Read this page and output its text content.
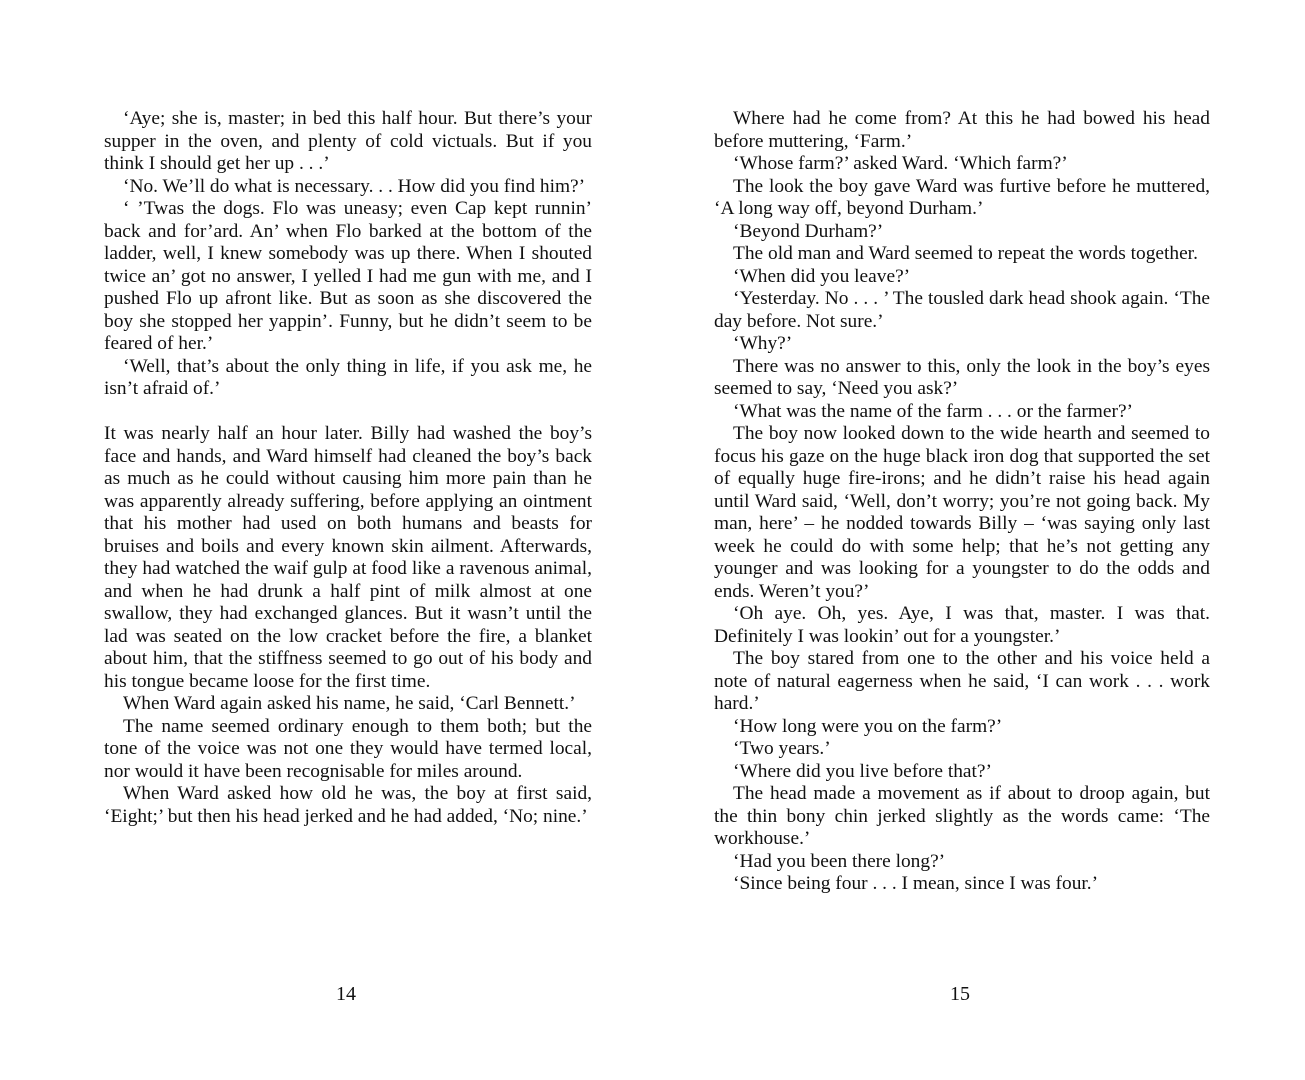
‘Aye; she is, master; in bed this half hour. But there’s your supper in the oven, and plenty of cold victuals. But if you think I should get her up . . .’

‘No. We’ll do what is necessary. . . How did you find him?’

‘ ’Twas the dogs. Flo was uneasy; even Cap kept runnin’ back and for’ard. An’ when Flo barked at the bottom of the ladder, well, I knew somebody was up there. When I shouted twice an’ got no answer, I yelled I had me gun with me, and I pushed Flo up afront like. But as soon as she discovered the boy she stopped her yappin’. Funny, but he didn’t seem to be feared of her.’

‘Well, that’s about the only thing in life, if you ask me, he isn’t afraid of.’

It was nearly half an hour later. Billy had washed the boy’s face and hands, and Ward himself had cleaned the boy’s back as much as he could without causing him more pain than he was apparently already suffering, before applying an ointment that his mother had used on both humans and beasts for bruises and boils and every known skin ailment. Afterwards, they had watched the waif gulp at food like a ravenous animal, and when he had drunk a half pint of milk almost at one swallow, they had exchanged glances. But it wasn’t until the lad was seated on the low cracket before the fire, a blanket about him, that the stiffness seemed to go out of his body and his tongue became loose for the first time.

When Ward again asked his name, he said, ‘Carl Bennett.’

The name seemed ordinary enough to them both; but the tone of the voice was not one they would have termed local, nor would it have been recognisable for miles around.

When Ward asked how old he was, the boy at first said, ‘Eight;’ but then his head jerked and he had added, ‘No; nine.’

Where had he come from? At this he had bowed his head before muttering, ‘Farm.’

‘Whose farm?’ asked Ward. ‘Which farm?’

The look the boy gave Ward was furtive before he muttered, ‘A long way off, beyond Durham.’

‘Beyond Durham?’

The old man and Ward seemed to repeat the words together.

‘When did you leave?’

‘Yesterday. No . . . ’ The tousled dark head shook again. ‘The day before. Not sure.’

‘Why?’

There was no answer to this, only the look in the boy’s eyes seemed to say, ‘Need you ask?’

‘What was the name of the farm . . . or the farmer?’

The boy now looked down to the wide hearth and seemed to focus his gaze on the huge black iron dog that supported the set of equally huge fire-irons; and he didn’t raise his head again until Ward said, ‘Well, don’t worry; you’re not going back. My man, here’ – he nodded towards Billy – ‘was saying only last week he could do with some help; that he’s not getting any younger and was looking for a youngster to do the odds and ends. Weren’t you?’

‘Oh aye. Oh, yes. Aye, I was that, master. I was that. Definitely I was lookin’ out for a youngster.’

The boy stared from one to the other and his voice held a note of natural eagerness when he said, ‘I can work . . . work hard.’

‘How long were you on the farm?’

‘Two years.’

‘Where did you live before that?’

The head made a movement as if about to droop again, but the thin bony chin jerked slightly as the words came: ‘The workhouse.’

‘Had you been there long?’

‘Since being four . . . I mean, since I was four.’

14	15
